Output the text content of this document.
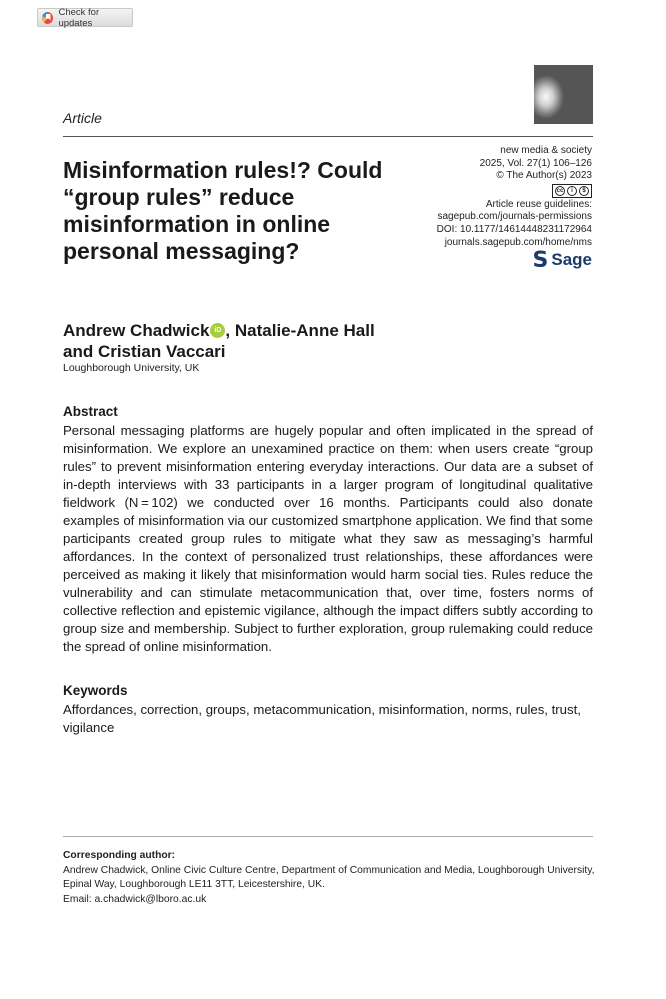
Check for updates
Article
new media & society
2025, Vol. 27(1) 106–126
© The Author(s) 2023
cc	i	$
Article reuse guidelines:
sagepub.com/journals-permissions
DOI: 10.1177/14614448231172964
journals.sagepub.com/home/nms
𝗦 Sage
Misinformation rules!? Could “group rules” reduce misinformation in online personal messaging?
Andrew Chadwick iD , Natalie-Anne Hall
and Cristian Vaccari
Loughborough University, UK
Abstract

Personal messaging platforms are hugely popular and often implicated in the spread of misinformation. We explore an unexamined practice on them: when users create “group rules” to prevent misinformation entering everyday interactions. Our data are a subset of in-depth interviews with 33 participants in a larger program of longitudinal qualitative fieldwork (N = 102) we conducted over 16 months. Participants could also donate examples of misinformation via our customized smartphone application. We find that some participants created group rules to mitigate what they saw as messaging’s harmful affordances. In the context of personalized trust relationships, these affordances were perceived as making it likely that misinformation would harm social ties. Rules reduce the vulnerability and can stimulate metacommunication that, over time, fosters norms of collective reflection and epistemic vigilance, although the impact differs subtly according to group size and membership. Subject to further exploration, group rulemaking could reduce the spread of online misinformation.

Keywords

Affordances, correction, groups, metacommunication, misinformation, norms, rules, trust, vigilance

Corresponding author:
Andrew Chadwick, Online Civic Culture Centre, Department of Communication and Media, Loughborough University, Epinal Way, Loughborough LE11 3TT, Leicestershire, UK.
Email: a.chadwick@lboro.ac.uk
